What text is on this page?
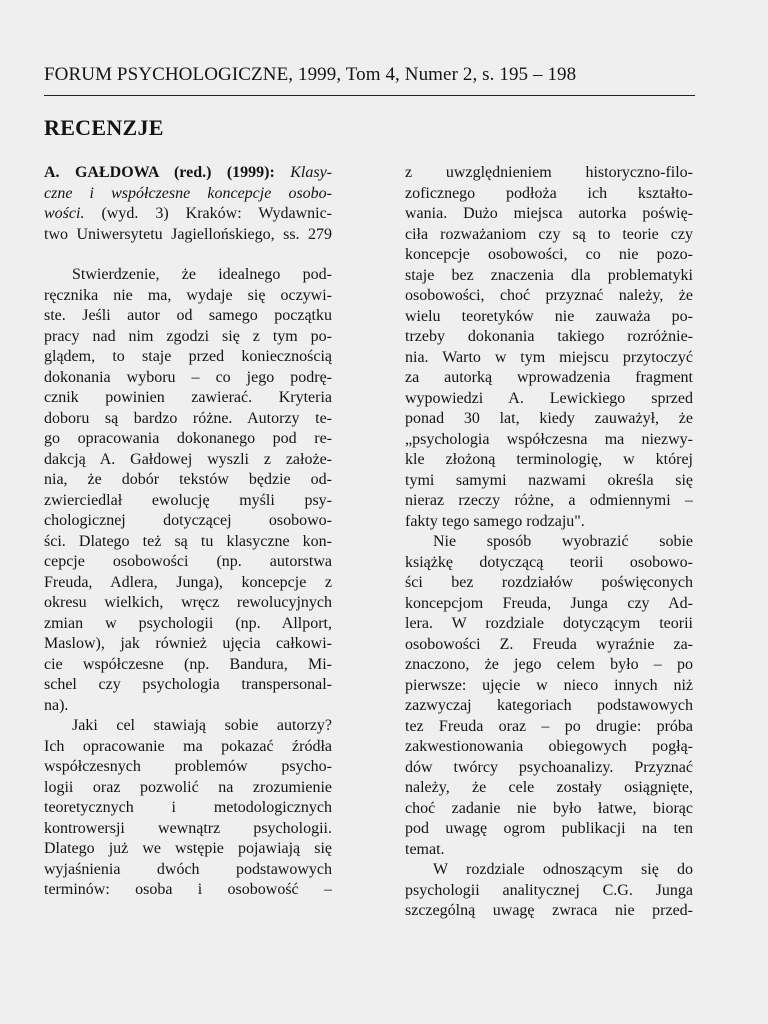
FORUM PSYCHOLOGICZNE, 1999, Tom 4, Numer 2, s. 195 – 198
RECENZJE
A. GAŁDOWA (red.) (1999): Klasy-
czne i współczesne koncepcje osobo-
wości. (wyd. 3) Kraków: Wydawnic-
two Uniwersytetu Jagiellońskiego, ss. 279
Stwierdzenie, że idealnego pod-
ręcznika nie ma, wydaje się oczywi-
ste. Jeśli autor od samego początku
pracy nad nim zgodzi się z tym po-
glądem, to staje przed koniecznością
dokonania wyboru – co jego podrę-
cznik powinien zawierać. Kryteria
doboru są bardzo różne. Autorzy te-
go opracowania dokonanego pod re-
dakcją A. Gałdowej wyszli z założe-
nia, że dobór tekstów będzie od-
zwierciedlał ewolucję myśli psy-
chologicznej dotyczącej osobowo-
ści. Dlatego też są tu klasyczne kon-
cepcje osobowości (np. autorstwa
Freuda, Adlera, Junga), koncepcje z
okresu wielkich, wręcz rewolucyjnych
zmian w psychologii (np. Allport,
Maslow), jak również ujęcia całkowi-
cie współczesne (np. Bandura, Mi-
schel czy psychologia transpersonal-
na).
Jaki cel stawiają sobie autorzy?
Ich opracowanie ma pokazać źródła
współczesnych problemów psycho-
logii oraz pozwolić na zrozumienie
teoretycznych i metodologicznych
kontrowersji wewnątrz psychologii.
Dlatego już we wstępie pojawiają się
wyjaśnienia dwóch podstawowych
terminów: osoba i osobowość –
z uwzględnieniem historyczno-filo-
zoficznego podłoża ich kształto-
wania. Dużo miejsca autorka poświę-
ciła rozważaniom czy są to teorie czy
koncepcje osobowości, co nie pozo-
staje bez znaczenia dla problematyki
osobowości, choć przyznać należy, że
wielu teoretyków nie zauważa po-
trzeby dokonania takiego rozróżnie-
nia. Warto w tym miejscu przytoczyć
za autorką wprowadzenia fragment
wypowiedzi A. Lewickiego sprzed
ponad 30 lat, kiedy zauważył, że
„psychologia współczesna ma niezwy-
kle złożoną terminologię, w której
tymi samymi nazwami określa się
nieraz rzeczy różne, a odmiennymi –
fakty tego samego rodzaju".
Nie sposób wyobrazić sobie
książkę dotyczącą teorii osobowo-
ści bez rozdziałów poświęconych
koncepcjom Freuda, Junga czy Ad-
lera. W rozdziale dotyczącym teorii
osobowości Z. Freuda wyraźnie za-
znaczono, że jego celem było – po
pierwsze: ujęcie w nieco innych niż
zazwyczaj kategoriach podstawowych
tez Freuda oraz – po drugie: próba
zakwestionowania obiegowych pogłą-
dów twórcy psychoanalizy. Przyznać
należy, że cele zostały osiągnięte,
choć zadanie nie było łatwe, biorąc
pod uwagę ogrom publikacji na ten
temat.
W rozdziale odnoszącym się do
psychologii analitycznej C.G. Junga
szczególną uwagę zwraca nie przed-
